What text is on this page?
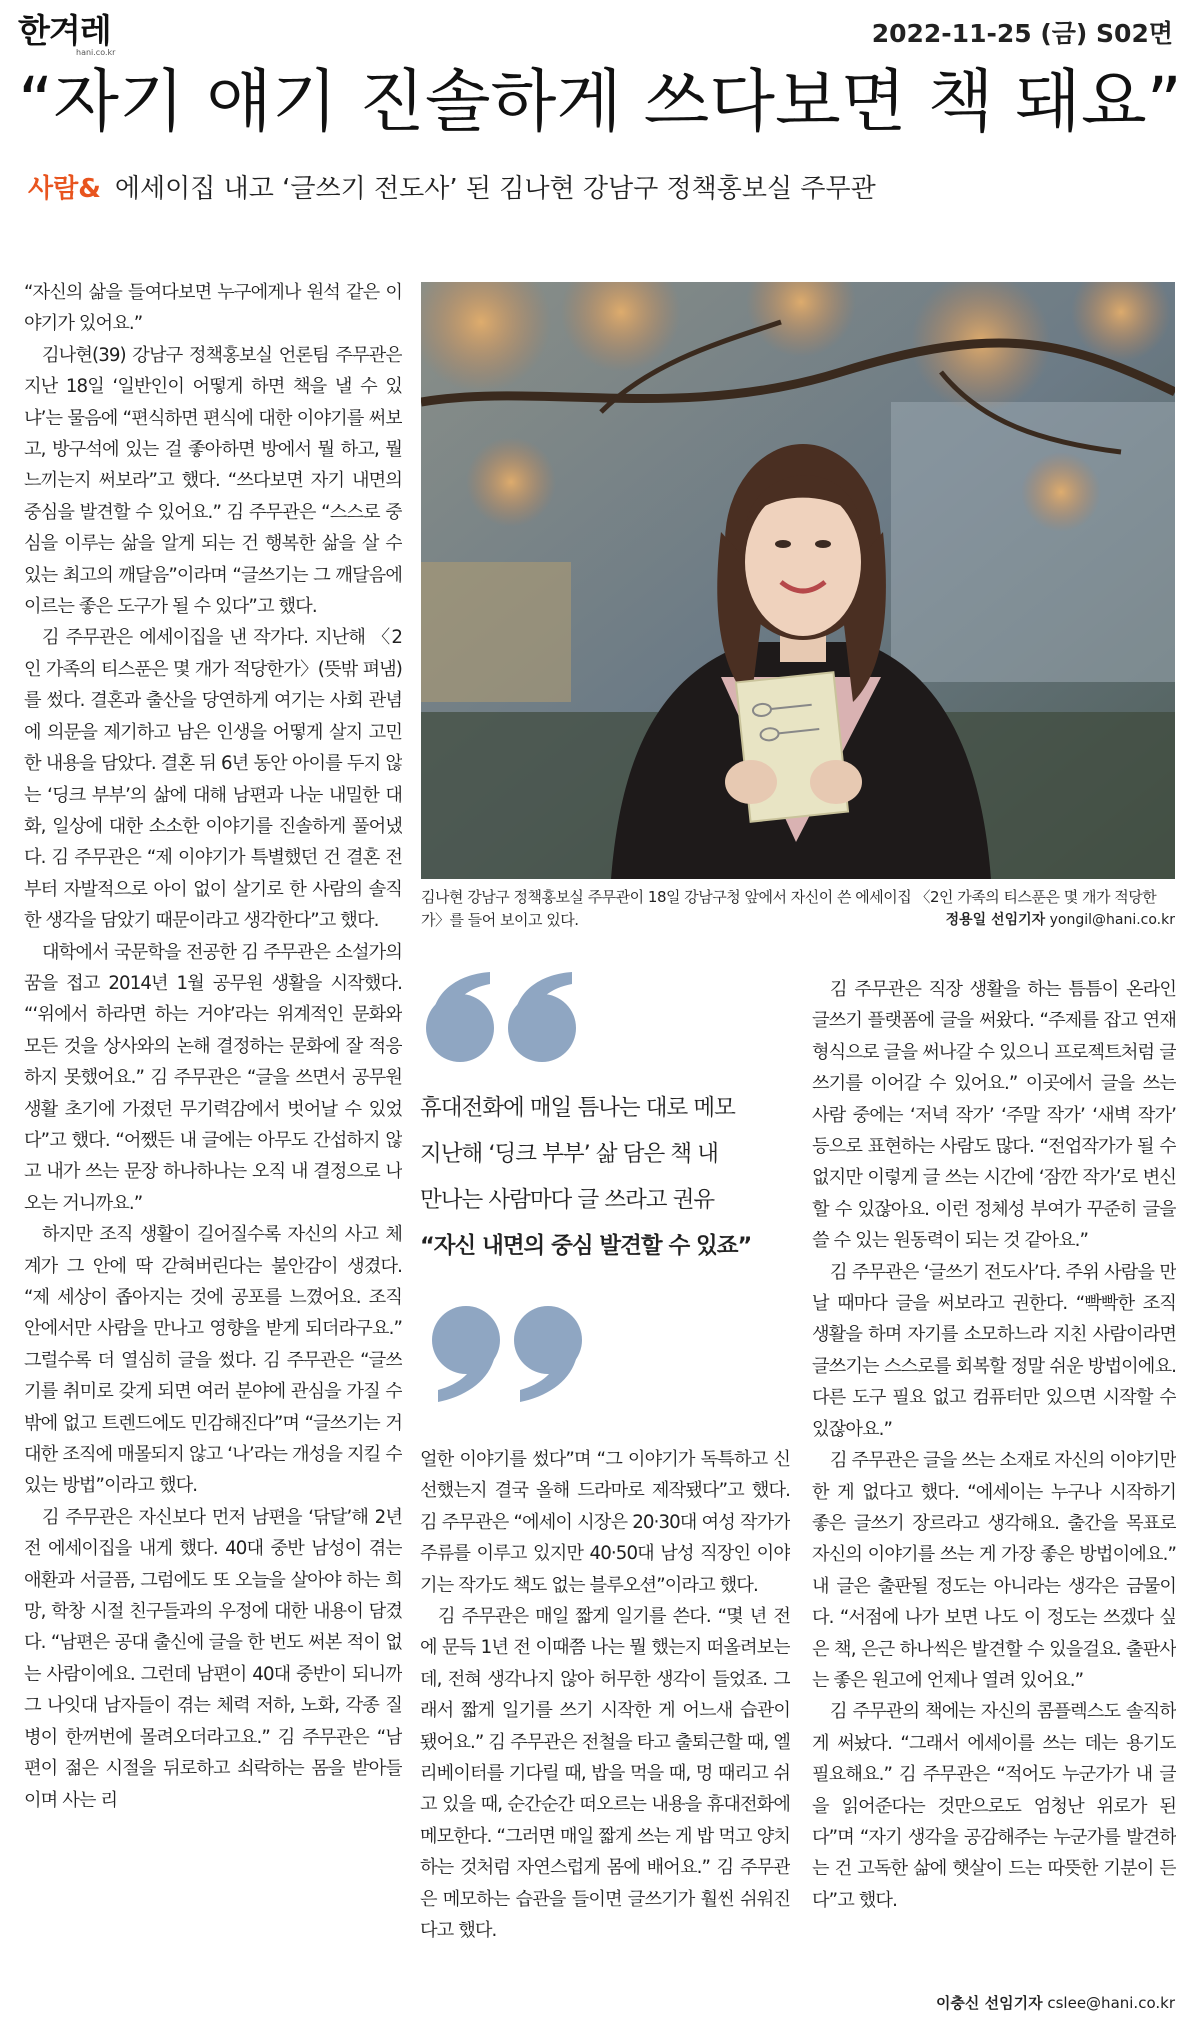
한겨레
hani.co.kr
2022-11-25 (금) S02면
“자기 얘기 진솔하게 쓰다보면 책 돼요”
사람& 에세이집 내고 ‘글쓰기 전도사’ 된 김나현 강남구 정책홍보실 주무관

“자신의 삶을 들여다보면 누구에게나 원석 같은 이야기가 있어요.”

김나현(39) 강남구 정책홍보실 언론팀 주무관은 지난 18일 ‘일반인이 어떻게 하면 책을 낼 수 있냐’는 물음에 “편식하면 편식에 대한 이야기를 써보고, 방구석에 있는 걸 좋아하면 방에서 뭘 하고, 뭘 느끼는지 써보라”고 했다. “쓰다보면 자기 내면의 중심을 발견할 수 있어요.” 김 주무관은 “스스로 중심을 이루는 삶을 알게 되는 건 행복한 삶을 살 수 있는 최고의 깨달음”이라며 “글쓰기는 그 깨달음에 이르는 좋은 도구가 될 수 있다”고 했다.

김 주무관은 에세이집을 낸 작가다. 지난해 〈2인 가족의 티스푼은 몇 개가 적당한가〉(뜻밖 펴냄)를 썼다. 결혼과 출산을 당연하게 여기는 사회 관념에 의문을 제기하고 남은 인생을 어떻게 살지 고민한 내용을 담았다. 결혼 뒤 6년 동안 아이를 두지 않는 ‘딩크 부부’의 삶에 대해 남편과 나눈 내밀한 대화, 일상에 대한 소소한 이야기를 진솔하게 풀어냈다. 김 주무관은 “제 이야기가 특별했던 건 결혼 전부터 자발적으로 아이 없이 살기로 한 사람의 솔직한 생각을 담았기 때문이라고 생각한다”고 했다.

대학에서 국문학을 전공한 김 주무관은 소설가의 꿈을 접고 2014년 1월 공무원 생활을 시작했다. “‘위에서 하라면 하는 거야’라는 위계적인 문화와 모든 것을 상사와의 논해 결정하는 문화에 잘 적응하지 못했어요.” 김 주무관은 “글을 쓰면서 공무원 생활 초기에 가졌던 무기력감에서 벗어날 수 있었다”고 했다. “어쨌든 내 글에는 아무도 간섭하지 않고 내가 쓰는 문장 하나하나는 오직 내 결정으로 나오는 거니까요.”

하지만 조직 생활이 길어질수록 자신의 사고 체계가 그 안에 딱 갇혀버린다는 불안감이 생겼다. “제 세상이 좁아지는 것에 공포를 느꼈어요. 조직 안에서만 사람을 만나고 영향을 받게 되더라구요.” 그럴수록 더 열심히 글을 썼다. 김 주무관은 “글쓰기를 취미로 갖게 되면 여러 분야에 관심을 가질 수밖에 없고 트렌드에도 민감해진다”며 “글쓰기는 거대한 조직에 매몰되지 않고 ‘나’라는 개성을 지킬 수 있는 방법”이라고 했다.

김 주무관은 자신보다 먼저 남편을 ‘닦달’해 2년 전 에세이집을 내게 했다. 40대 중반 남성이 겪는 애환과 서글픔, 그럼에도 또 오늘을 살아야 하는 희망, 학창 시절 친구들과의 우정에 대한 내용이 담겼다. “남편은 공대 출신에 글을 한 번도 써본 적이 없는 사람이에요. 그런데 남편이 40대 중반이 되니까 그 나잇대 남자들이 겪는 체력 저하, 노화, 각종 질병이 한꺼번에 몰려오더라고요.” 김 주무관은 “남편이 젊은 시절을 뒤로하고 쇠락하는 몸을 받아들이며 사는 리

김나현 강남구 정책홍보실 주무관이 18일 강남구청 앞에서 자신이 쓴 에세이집 〈2인 가족의 티스푼은 몇 개가 적당한가〉를 들어 보이고 있다.	정용일 선임기자 yongil@hani.co.kr
휴대전화에 매일 틈나는 대로 메모
지난해 ‘딩크 부부’ 삶 담은 책 내
만나는 사람마다 글 쓰라고 권유
“자신 내면의 중심 발견할 수 있죠”

얼한 이야기를 썼다”며 “그 이야기가 독특하고 신선했는지 결국 올해 드라마로 제작됐다”고 했다. 김 주무관은 “에세이 시장은 20·30대 여성 작가가 주류를 이루고 있지만 40·50대 남성 직장인 이야기는 작가도 책도 없는 블루오션”이라고 했다.

김 주무관은 매일 짧게 일기를 쓴다. “몇 년 전에 문득 1년 전 이때쯤 나는 뭘 했는지 떠올려보는데, 전혀 생각나지 않아 허무한 생각이 들었죠. 그래서 짧게 일기를 쓰기 시작한 게 어느새 습관이 됐어요.” 김 주무관은 전철을 타고 출퇴근할 때, 엘리베이터를 기다릴 때, 밥을 먹을 때, 멍 때리고 쉬고 있을 때, 순간순간 떠오르는 내용을 휴대전화에 메모한다. “그러면 매일 짧게 쓰는 게 밥 먹고 양치하는 것처럼 자연스럽게 몸에 배어요.” 김 주무관은 메모하는 습관을 들이면 글쓰기가 훨씬 쉬워진다고 했다.

김 주무관은 직장 생활을 하는 틈틈이 온라인 글쓰기 플랫폼에 글을 써왔다. “주제를 잡고 연재 형식으로 글을 써나갈 수 있으니 프로젝트처럼 글쓰기를 이어갈 수 있어요.” 이곳에서 글을 쓰는 사람 중에는 ‘저녁 작가’ ‘주말 작가’ ‘새벽 작가’ 등으로 표현하는 사람도 많다. “전업작가가 될 수 없지만 이렇게 글 쓰는 시간에 ‘잠깐 작가’로 변신할 수 있잖아요. 이런 정체성 부여가 꾸준히 글을 쓸 수 있는 원동력이 되는 것 같아요.”

김 주무관은 ‘글쓰기 전도사’다. 주위 사람을 만날 때마다 글을 써보라고 권한다. “빡빡한 조직 생활을 하며 자기를 소모하느라 지친 사람이라면 글쓰기는 스스로를 회복할 정말 쉬운 방법이에요. 다른 도구 필요 없고 컴퓨터만 있으면 시작할 수 있잖아요.”

김 주무관은 글을 쓰는 소재로 자신의 이야기만한 게 없다고 했다. “에세이는 누구나 시작하기 좋은 글쓰기 장르라고 생각해요. 출간을 목표로 자신의 이야기를 쓰는 게 가장 좋은 방법이에요.” 내 글은 출판될 정도는 아니라는 생각은 금물이다. “서점에 나가 보면 나도 이 정도는 쓰겠다 싶은 책, 은근 하나씩은 발견할 수 있을걸요. 출판사는 좋은 원고에 언제나 열려 있어요.”

김 주무관의 책에는 자신의 콤플렉스도 솔직하게 써놨다. “그래서 에세이를 쓰는 데는 용기도 필요해요.” 김 주무관은 “적어도 누군가가 내 글을 읽어준다는 것만으로도 엄청난 위로가 된다”며 “자기 생각을 공감해주는 누군가를 발견하는 건 고독한 삶에 햇살이 드는 따뜻한 기분이 든다”고 했다.

이충신 선임기자 cslee@hani.co.kr
